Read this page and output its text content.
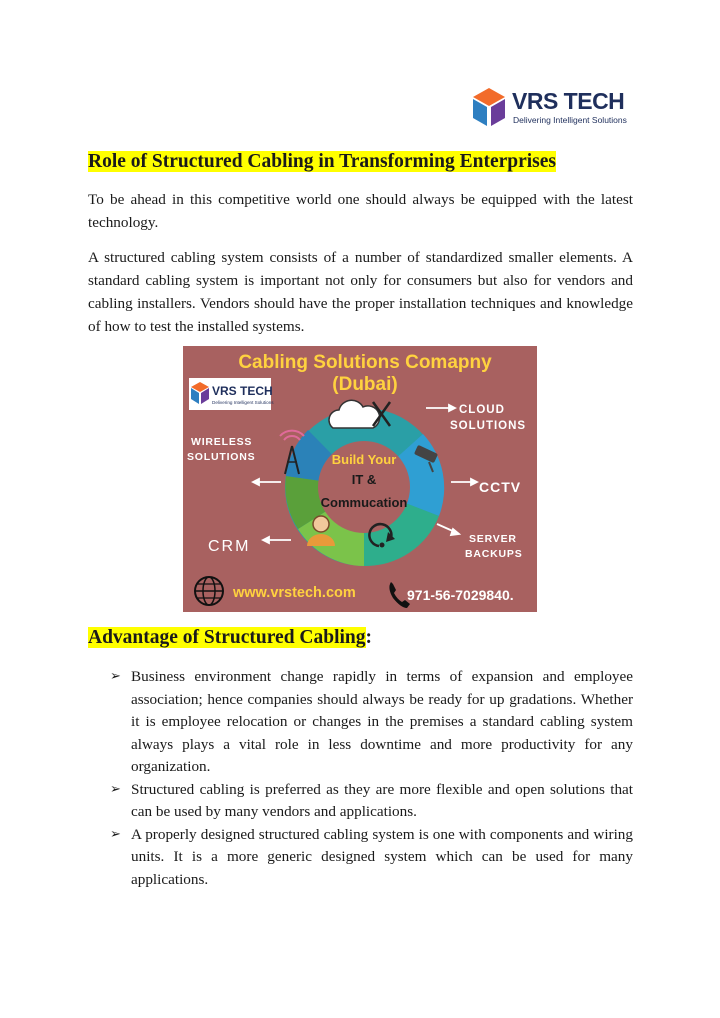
VRS TECH
Delivering Intelligent Solutions
Role of Structured Cabling in Transforming Enterprises

To be ahead in this competitive world one should always be equipped with the latest technology.

A structured cabling system consists of a number of standardized smaller elements. A standard cabling system is important not only for consumers but also for vendors and cabling installers. Vendors should have the proper installation techniques and knowledge of how to test the installed systems.

Cabling Solutions Comapny
(Dubai)
VRS TECH
Delivering Intelligent Solutions
Build Your
IT &
Commucation
CLOUD
SOLUTIONS
WIRELESS
SOLUTIONS
CCTV
CRM	SERVER
BACKUPS
www.vrstech.com	971-56-7029840.
Advantage of Structured Cabling:
➢ Business environment change rapidly in terms of expansion and employee association; hence companies should always be ready for up gradations. Whether it is employee relocation or changes in the premises a standard cabling system always plays a vital role in less downtime and more productivity for any organization.
➢ Structured cabling is preferred as they are more flexible and open solutions that can be used by many vendors and applications.
➢ A properly designed structured cabling system is one with components and wiring units. It is a more generic designed system which can be used for many applications.
